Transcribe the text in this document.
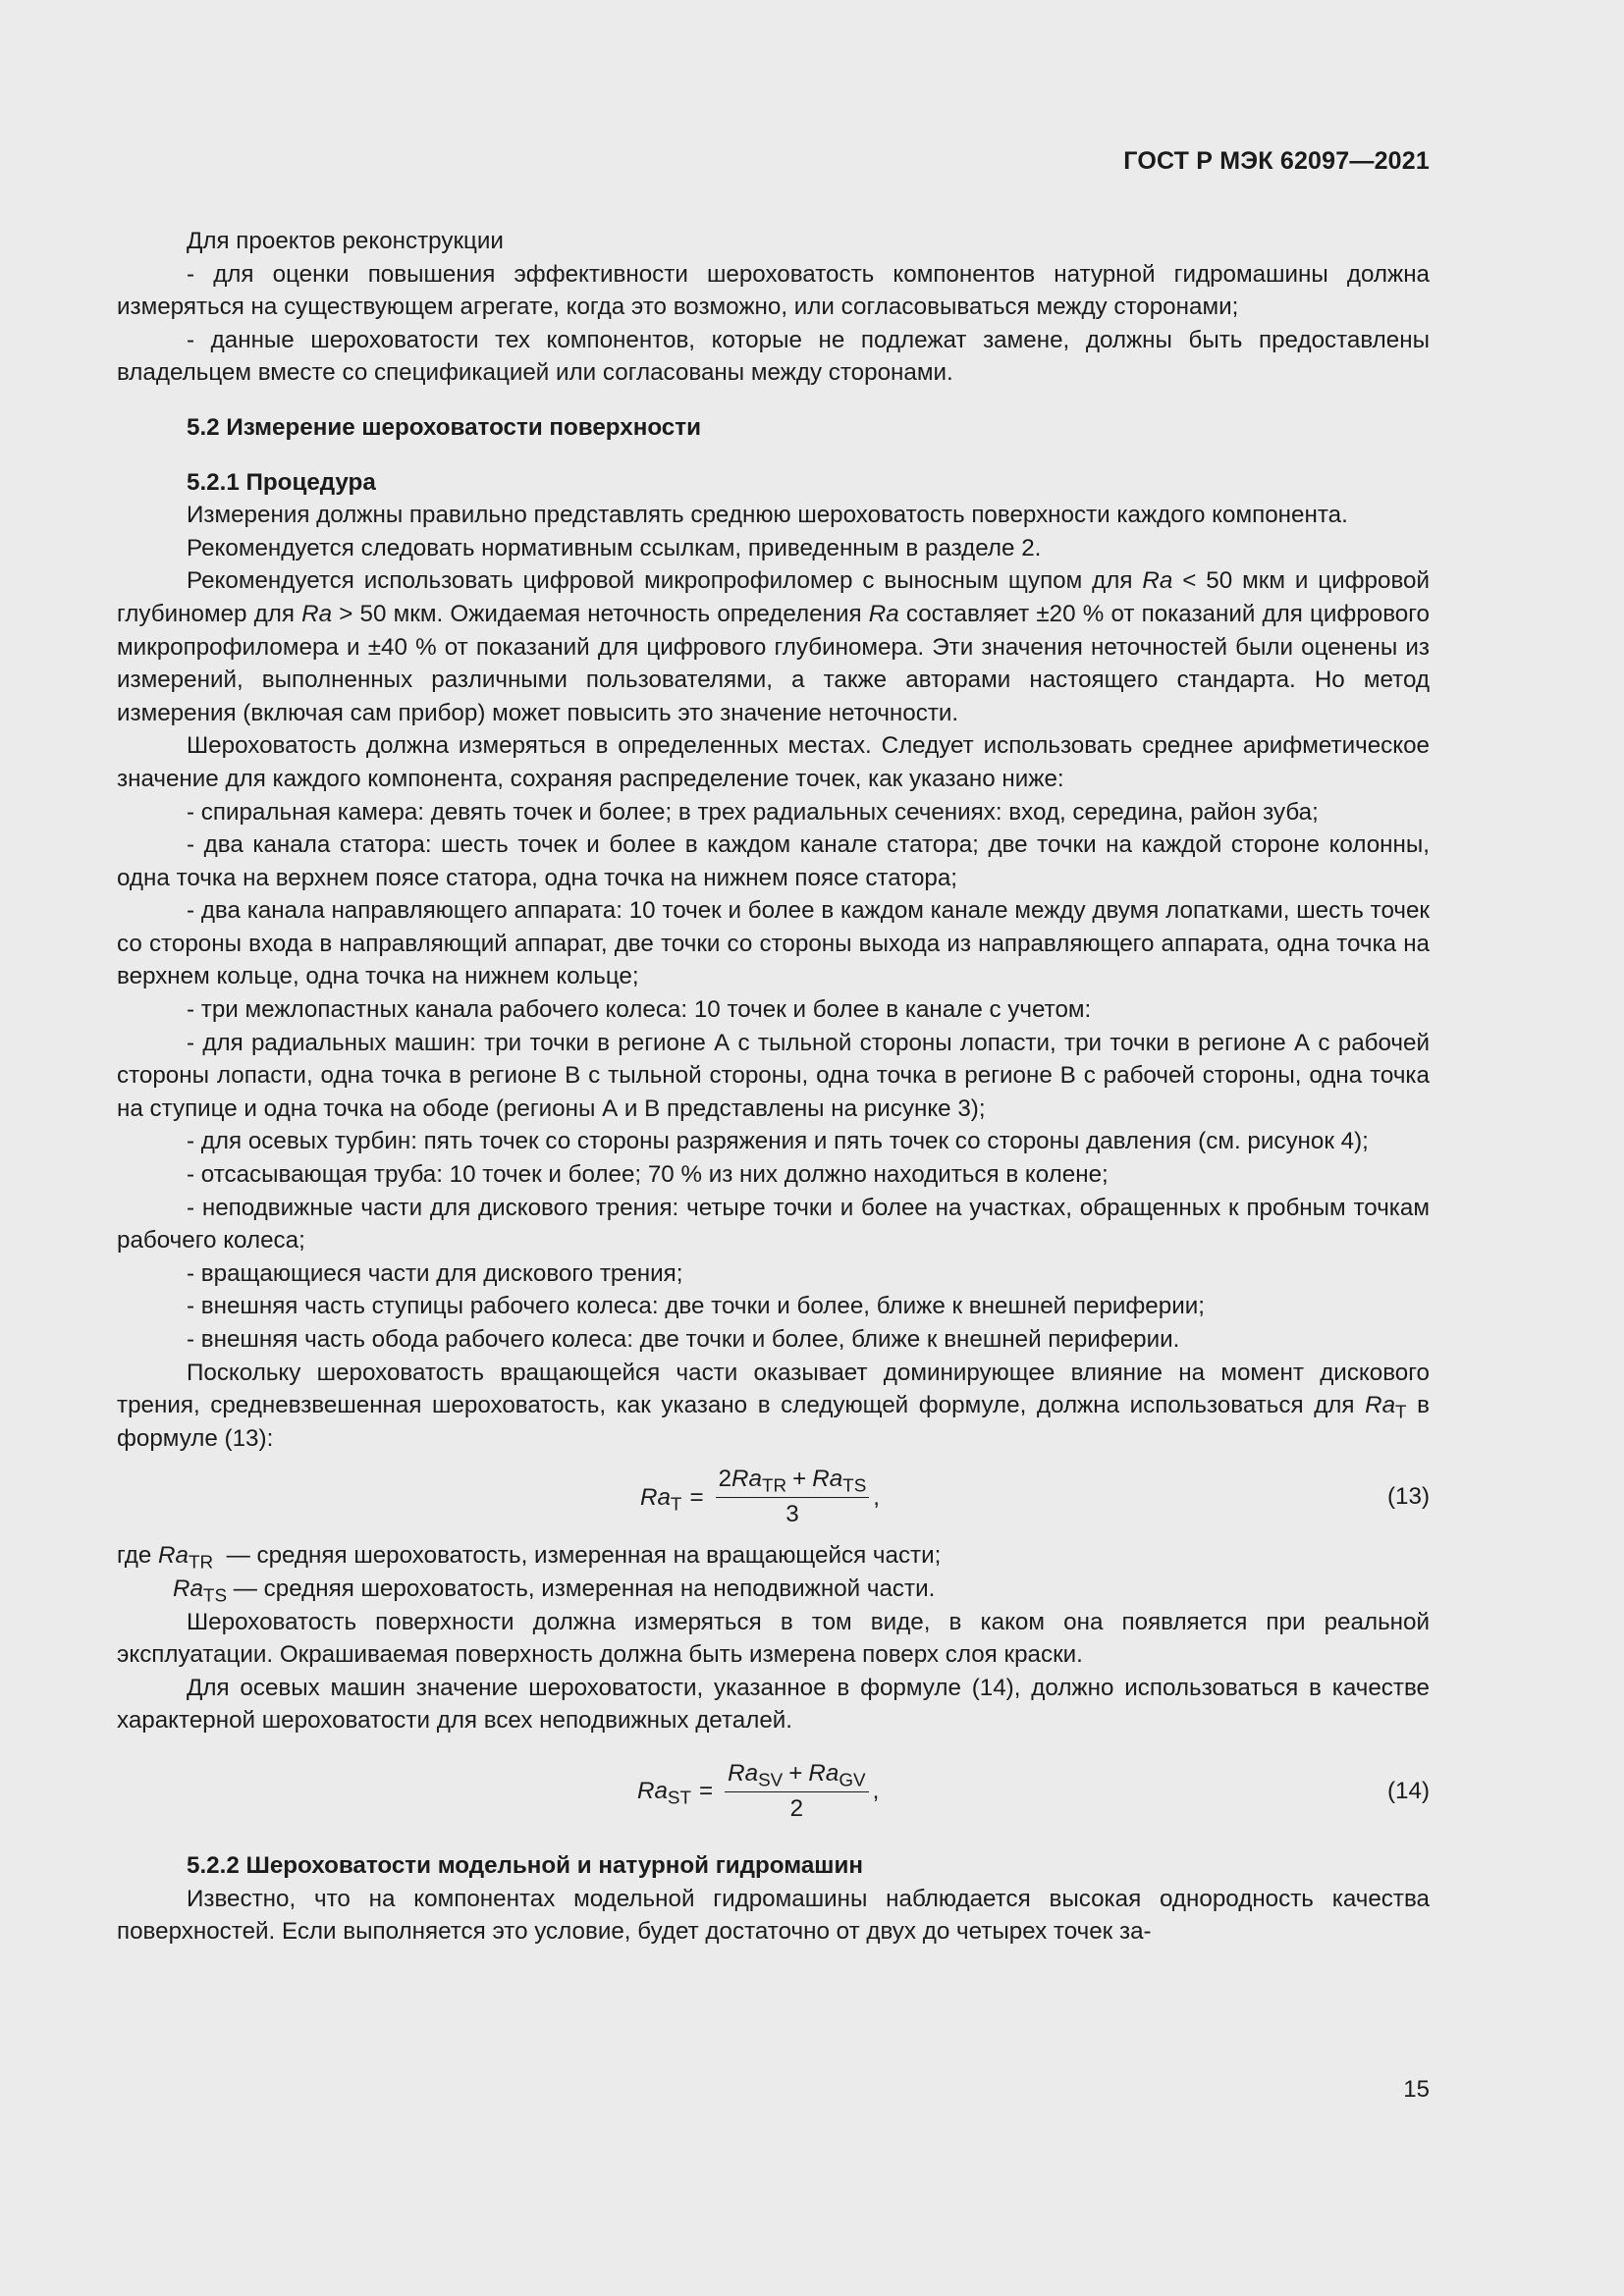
ГОСТ Р МЭК 62097—2021

Для проектов реконструкции

- для оценки повышения эффективности шероховатость компонентов натурной гидромашины должна измеряться на существующем агрегате, когда это возможно, или согласовываться между сторонами;

- данные шероховатости тех компонентов, которые не подлежат замене, должны быть предоставлены владельцем вместе со спецификацией или согласованы между сторонами.

5.2 Измерение шероховатости поверхности

5.2.1 Процедура

Измерения должны правильно представлять среднюю шероховатость поверхности каждого компонента.

Рекомендуется следовать нормативным ссылкам, приведенным в разделе 2.

Рекомендуется использовать цифровой микропрофиломер с выносным щупом для Ra < 50 мкм и цифровой глубиномер для Ra > 50 мкм. Ожидаемая неточность определения Ra составляет ±20 % от показаний для цифрового микропрофиломера и ±40 % от показаний для цифрового глубиномера. Эти значения неточностей были оценены из измерений, выполненных различными пользователями, а также авторами настоящего стандарта. Но метод измерения (включая сам прибор) может повысить это значение неточности.

Шероховатость должна измеряться в определенных местах. Следует использовать среднее арифметическое значение для каждого компонента, сохраняя распределение точек, как указано ниже:

- спиральная камера: девять точек и более; в трех радиальных сечениях: вход, середина, район зуба;

- два канала статора: шесть точек и более в каждом канале статора; две точки на каждой стороне колонны, одна точка на верхнем поясе статора, одна точка на нижнем поясе статора;

- два канала направляющего аппарата: 10 точек и более в каждом канале между двумя лопатками, шесть точек со стороны входа в направляющий аппарат, две точки со стороны выхода из направляющего аппарата, одна точка на верхнем кольце, одна точка на нижнем кольце;

- три межлопастных канала рабочего колеса: 10 точек и более в канале с учетом:

- для радиальных машин: три точки в регионе А с тыльной стороны лопасти, три точки в регионе А с рабочей стороны лопасти, одна точка в регионе В с тыльной стороны, одна точка в регионе В с рабочей стороны, одна точка на ступице и одна точка на ободе (регионы А и В представлены на рисунке 3);

- для осевых турбин: пять точек со стороны разряжения и пять точек со стороны давления (см. рисунок 4);

- отсасывающая труба: 10 точек и более; 70 % из них должно находиться в колене;

- неподвижные части для дискового трения: четыре точки и более на участках, обращенных к пробным точкам рабочего колеса;

- вращающиеся части для дискового трения;

- внешняя часть ступицы рабочего колеса: две точки и более, ближе к внешней периферии;

- внешняя часть обода рабочего колеса: две точки и более, ближе к внешней периферии.

Поскольку шероховатость вращающейся части оказывает доминирующее влияние на момент дискового трения, средневзвешенная шероховатость, как указано в следующей формуле, должна использоваться для $Ra_T$ в формуле (13):

$Ra_T = \frac{2Ra_{TR} + Ra_{TS}}{3}$ ,	(13)
где $Ra_{TR}$ — средняя шероховатость, измеренная на вращающейся части;
$Ra_{TS}$ — средняя шероховатость, измеренная на неподвижной части.

Шероховатость поверхности должна измеряться в том виде, в каком она появляется при реальной эксплуатации. Окрашиваемая поверхность должна быть измерена поверх слоя краски.

Для осевых машин значение шероховатости, указанное в формуле (14), должно использоваться в качестве характерной шероховатости для всех неподвижных деталей.

$Ra_{ST} = \frac{Ra_{SV} + Ra_{GV}}{2}$ ,	(14)

5.2.2 Шероховатости модельной и натурной гидромашин

Известно, что на компонентах модельной гидромашины наблюдается высокая однородность качества поверхностей. Если выполняется это условие, будет достаточно от двух до четырех точек за-

15
